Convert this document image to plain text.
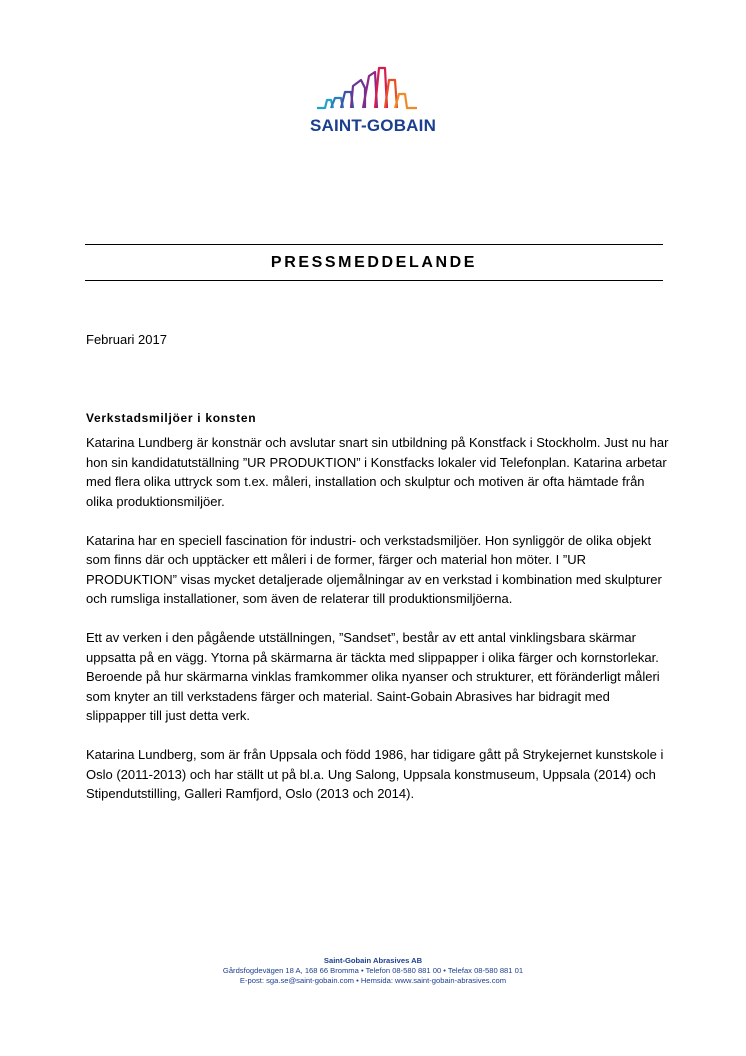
SAINT-GOBAIN
PRESSMEDDELANDE
Februari 2017
Verkstadsmiljöer i konsten

Katarina Lundberg är konstnär och avslutar snart sin utbildning på Konstfack i Stockholm. Just nu har hon sin kandidatutställning ”UR PRODUKTION” i Konstfacks lokaler vid Telefonplan. Katarina arbetar med flera olika uttryck som t.ex. måleri, installation och skulptur och motiven är ofta hämtade från olika produktionsmiljöer.

Katarina har en speciell fascination för industri- och verkstadsmiljöer. Hon synliggör de olika objekt som finns där och upptäcker ett måleri i de former, färger och material hon möter. I ”UR PRODUKTION” visas mycket detaljerade oljemålningar av en verkstad i kombination med skulpturer och rumsliga installationer, som även de relaterar till produktionsmiljöerna.

Ett av verken i den pågående utställningen, ”Sandset”, består av ett antal vinklingsbara skärmar uppsatta på en vägg. Ytorna på skärmarna är täckta med slippapper i olika färger och kornstorlekar. Beroende på hur skärmarna vinklas framkommer olika nyanser och strukturer, ett föränderligt måleri som knyter an till verkstadens färger och material. Saint-Gobain Abrasives har bidragit med slippapper till just detta verk.

Katarina Lundberg, som är från Uppsala och född 1986, har tidigare gått på Strykejernet kunstskole i Oslo (2011-2013) och har ställt ut på bl.a. Ung Salong, Uppsala konstmuseum, Uppsala (2014) och Stipendutstilling, Galleri Ramfjord, Oslo (2013 och 2014).

Saint-Gobain Abrasives AB
Gårdsfogdevägen 18 A, 168 66 Bromma • Telefon 08-580 881 00 • Telefax 08-580 881 01
E-post: sga.se@saint-gobain.com • Hemsida: www.saint-gobain-abrasives.com
